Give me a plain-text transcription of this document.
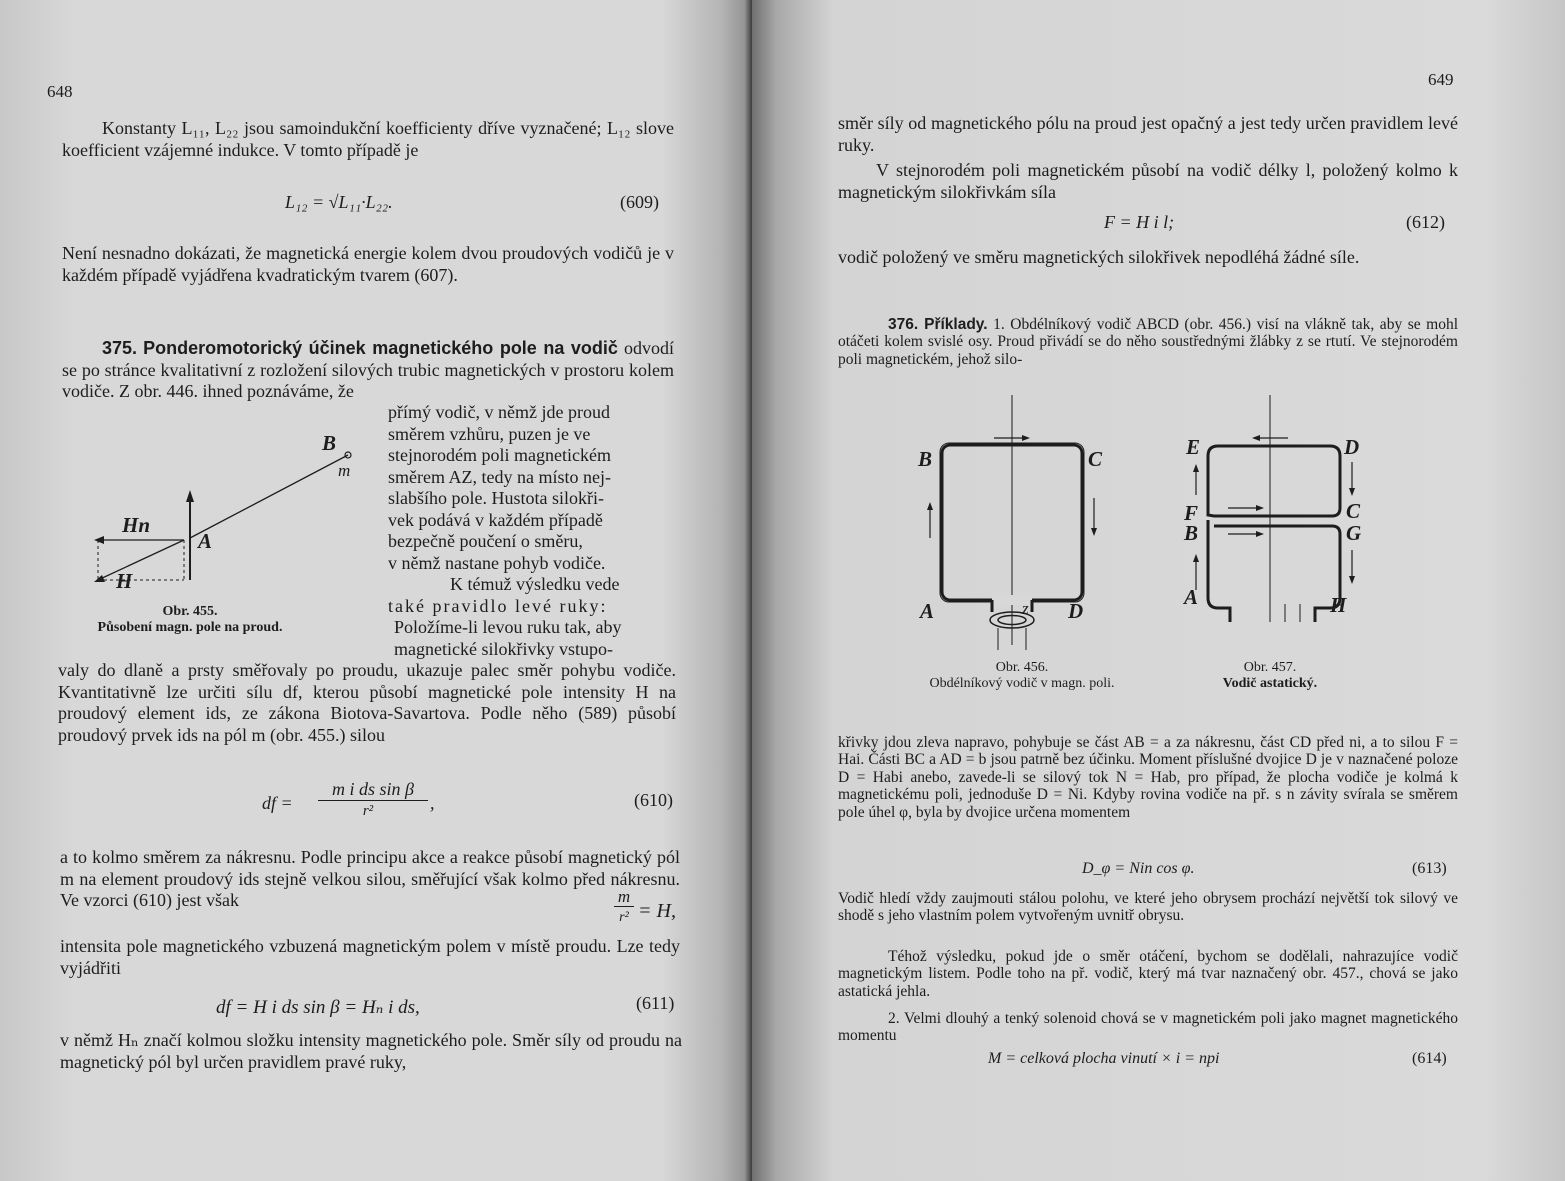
648
Konstanty L₁₁, L₂₂ jsou samoindukční koefficienty dříve vyznačené; L₁₂ slove koefficient vzájemné indukce. V tomto případě je
L₁₂ = √L₁₁·L₂₂.	(609)
Není nesnadno dokázati, že magnetická energie kolem dvou proudových vodičů je v každém případě vyjádřena kvadratickým tvarem (607).
375. Ponderomotorický účinek magnetického pole na vodič odvodí se po stránce kvalitativní z rozložení silových trubic magnetických v prostoru kolem vodiče. Z obr. 446. ihned poznáváme, že
přímý vodič, v němž jde proud
směrem vzhůru, puzen je ve
stejnorodém poli magnetickém
směrem AZ, tedy na místo nej-
slabšího pole. Hustota silokři-
vek podává v každém případě
bezpečně poučení o směru,
v němž nastane pohyb vodiče.
K témuž výsledku vede
také pravidlo levé ruky:
Položíme-li levou ruku tak, aby
magnetické silokřivky vstupo-
B
m
Hn
A
H
Obr. 455.
Působení magn. pole na proud.
valy do dlaně a prsty směřovaly po proudu, ukazuje palec směr pohybu vodiče. Kvantitativně lze určiti sílu df, kterou působí magnetické pole intensity H na proudový element ids, ze zákona Biotova-Savartova. Podle něho (589) působí proudový prvek ids na pól m (obr. 455.) silou
df =
m i ds sin β
r²	,	(610)
a to kolmo směrem za nákresnu. Podle principu akce a reakce působí magnetický pól m na element proudový ids stejně velkou silou, směřující však kolmo před nákresnu. Ve vzorci (610) jest však	m
r² = H,
intensita pole magnetického vzbuzená magnetickým polem v místě proudu. Lze tedy vyjádřiti
df = H i ds sin β = Hₙ i ds,	(611)
v němž Hₙ značí kolmou složku intensity magnetického pole. Směr síly od proudu na magnetický pól byl určen pravidlem pravé ruky,
649
směr síly od magnetického pólu na proud jest opačný a jest tedy určen pravidlem levé ruky.
V stejnorodém poli magnetickém působí na vodič délky l, položený kolmo k magnetickým silokřivkám síla
F = H i l;	(612)
vodič položený ve směru magnetických silokřivek nepodléhá žádné síle.
376. Příklady. 1. Obdélníkový vodič ABCD (obr. 456.) visí na vlákně tak, aby se mohl otáčeti kolem svislé osy. Proud přivádí se do něho soustřednými žlábky z se rtutí. Ve stejnorodém poli magnetickém, jehož silo-
B	C
A	D
z
Obr. 456.
Obdélníkový vodič v magn. poli.
E	D
F	C
B	G
A	H
Obr. 457.
Vodič astatický.
křivky jdou zleva napravo, pohybuje se část AB = a za nákresnu, část CD před ni, a to silou F = Hai. Části BC a AD = b jsou patrně bez účinku. Moment příslušné dvojice D je v naznačené poloze D = Habi anebo, zavede-li se silový tok N = Hab, pro případ, že plocha vodiče je kolmá k magnetickému poli, jednoduše D = Ni. Kdyby rovina vodiče na př. s n závity svírala se směrem pole úhel φ, byla by dvojice určena momentem
D_φ = Nin cos φ.	(613)
Vodič hledí vždy zaujmouti stálou polohu, ve které jeho obrysem prochází největší tok silový ve shodě s jeho vlastním polem vytvořeným uvnitř obrysu.
Téhož výsledku, pokud jde o směr otáčení, bychom se dodělali, nahrazujíce vodič magnetickým listem. Podle toho na př. vodič, který má tvar naznačený obr. 457., chová se jako astatická jehla.
2. Velmi dlouhý a tenký solenoid chová se v magnetickém poli jako magnet magnetického momentu
M = celková plocha vinutí × i = npi	(614)
